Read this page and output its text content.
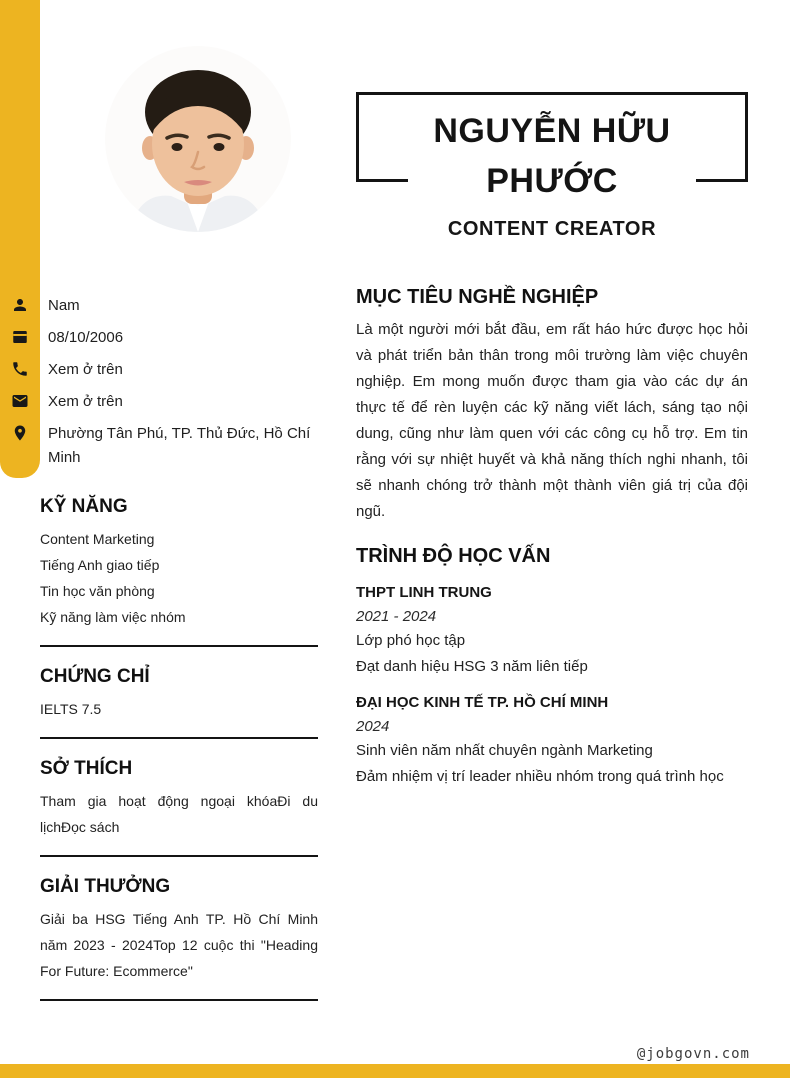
Nam
08/10/2006
Xem ở trên
Xem ở trên
Phường Tân Phú, TP. Thủ Đức, Hồ Chí Minh
KỸ NĂNG
Content Marketing
Tiếng Anh giao tiếp
Tin học văn phòng
Kỹ năng làm việc nhóm
CHỨNG CHỈ
IELTS 7.5
SỞ THÍCH

Tham gia hoạt động ngoại khóaĐi du lịchĐọc sách

GIẢI THƯỞNG

Giải ba HSG Tiếng Anh TP. Hồ Chí Minh năm 2023 - 2024Top 12 cuộc thi "Heading For Future: Ecommerce"

NGUYỄN HỮU PHƯỚC
CONTENT CREATOR
MỤC TIÊU NGHỀ NGHIỆP

Là một người mới bắt đầu, em rất háo hức được học hỏi và phát triển bản thân trong môi trường làm việc chuyên nghiệp. Em mong muốn được tham gia vào các dự án thực tế để rèn luyện các kỹ năng viết lách, sáng tạo nội dung, cũng như làm quen với các công cụ hỗ trợ. Em tin rằng với sự nhiệt huyết và khả năng thích nghi nhanh, tôi sẽ nhanh chóng trở thành một thành viên giá trị của đội ngũ.

TRÌNH ĐỘ HỌC VẤN
THPT LINH TRUNG
2021 - 2024
Lớp phó học tập
Đạt danh hiệu HSG 3 năm liên tiếp
ĐẠI HỌC KINH TẾ TP. HỒ CHÍ MINH
2024
Sinh viên năm nhất chuyên ngành Marketing
Đảm nhiệm vị trí leader nhiều nhóm trong quá trình học
@jobgovn.com
